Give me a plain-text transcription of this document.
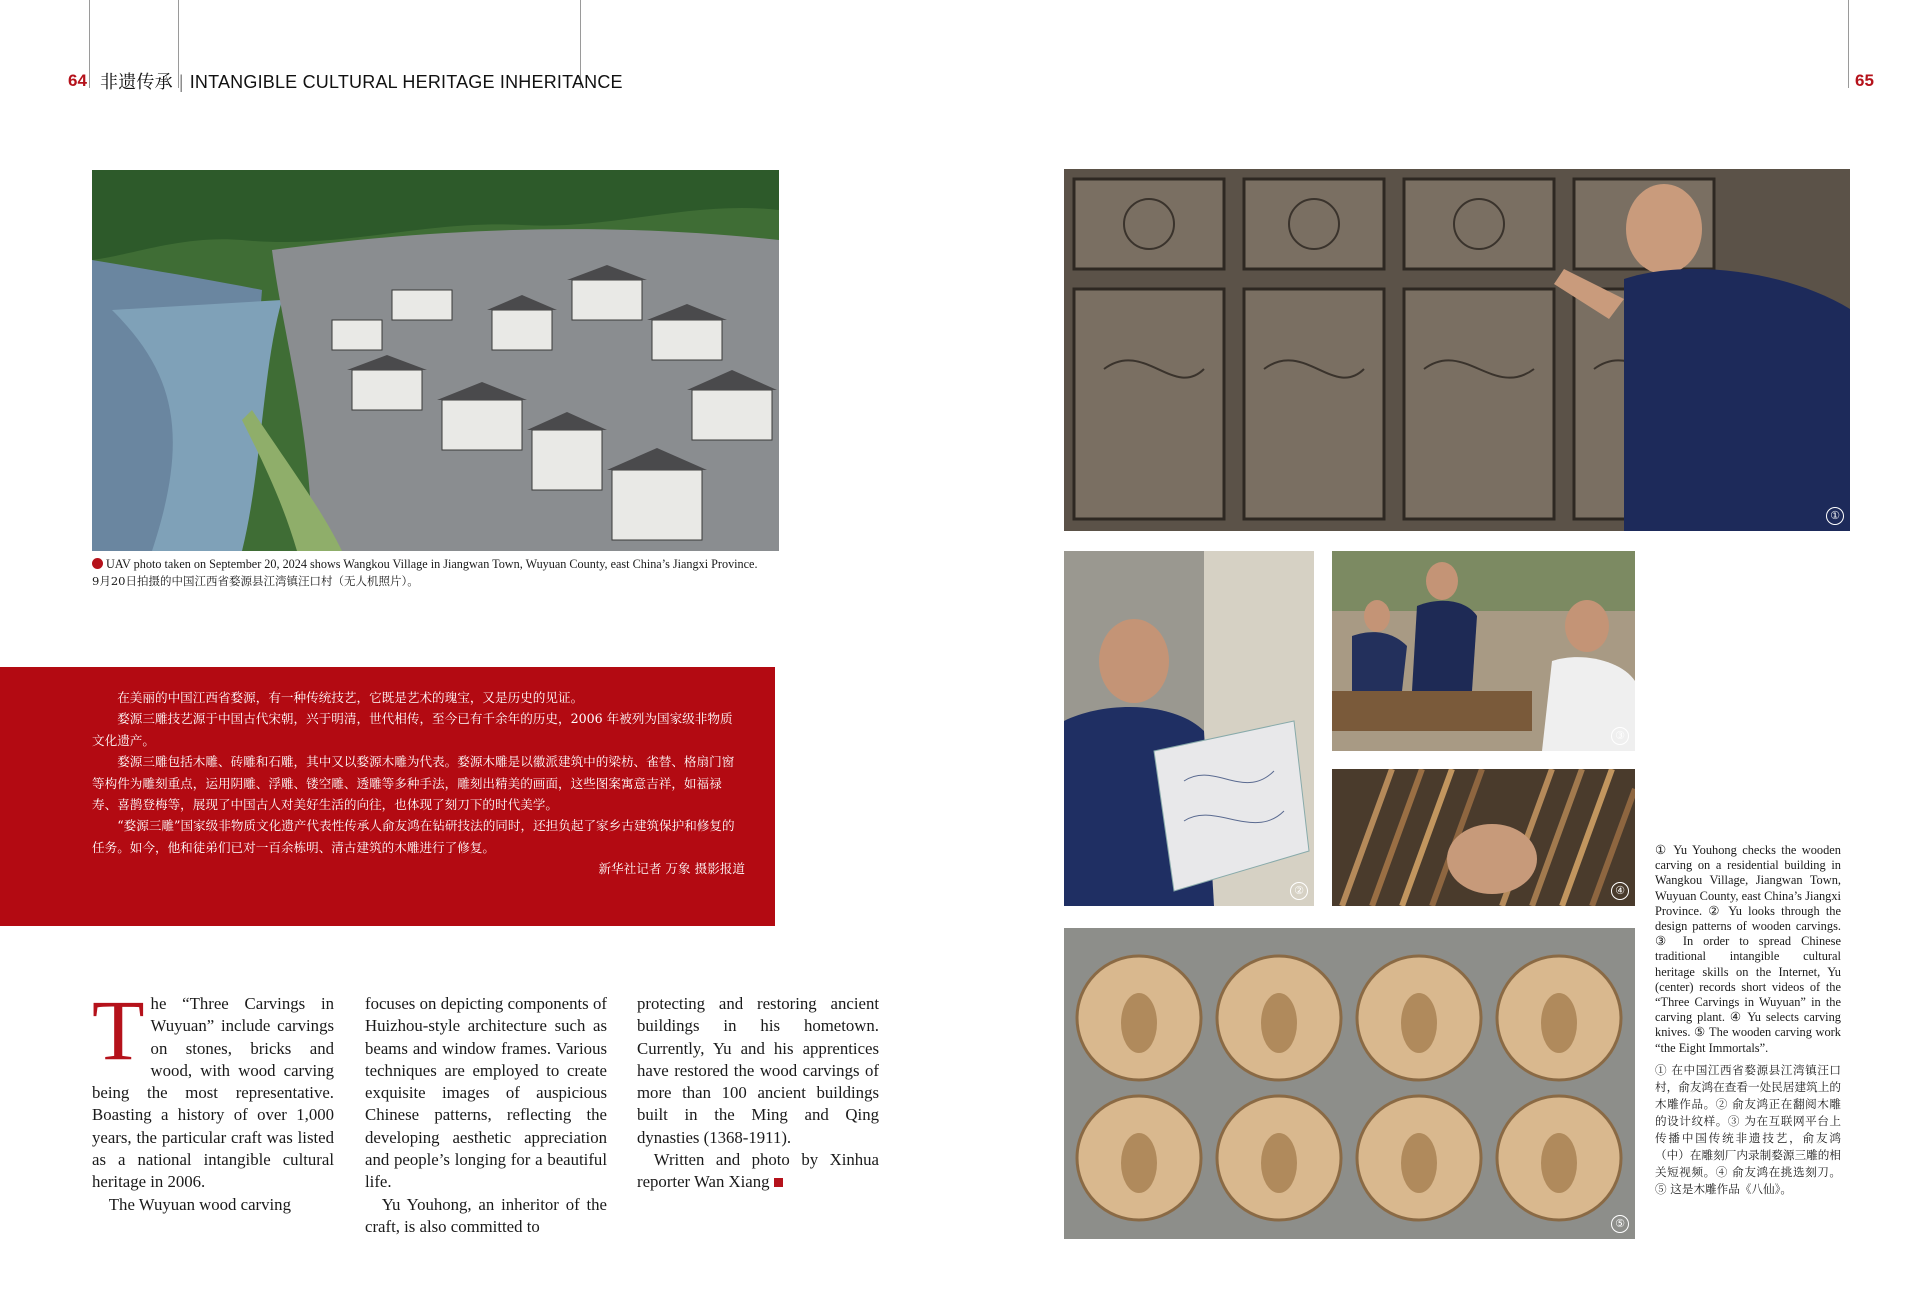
64 非遗传承 | INTANGIBLE CULTURAL HERITAGE INHERITANCE	65
UAV photo taken on September 20, 2024 shows Wangkou Village in Jiangwan Town, Wuyuan County, east China’s Jiangxi Province.
9月20日拍摄的中国江西省婺源县江湾镇汪口村（无人机照片）。

在美丽的中国江西省婺源，有一种传统技艺，它既是艺术的瑰宝，又是历史的见证。

婺源三雕技艺源于中国古代宋朝，兴于明清，世代相传，至今已有千余年的历史，2006 年被列为国家级非物质文化遗产。

婺源三雕包括木雕、砖雕和石雕，其中又以婺源木雕为代表。婺源木雕是以徽派建筑中的梁枋、雀替、格扇门窗等构件为雕刻重点，运用阴雕、浮雕、镂空雕、透雕等多种手法，雕刻出精美的画面，这些图案寓意吉祥，如福禄寿、喜鹊登梅等，展现了中国古人对美好生活的向往，也体现了刻刀下的时代美学。

“婺源三雕”国家级非物质文化遗产代表性传承人俞友鸿在钻研技法的同时，还担负起了家乡古建筑保护和修复的任务。如今，他和徒弟们已对一百余栋明、清古建筑的木雕进行了修复。

新华社记者 万象 摄影报道

The “Three Carvings in Wuyuan” include carvings on stones, bricks and wood, with wood carving being the most representative. Boasting a history of over 1,000 years, the particular craft was listed as a national intangible cultural heritage in 2006.

The Wuyuan wood carving

focuses on depicting components of Huizhou-style architecture such as beams and window frames. Various techniques are employed to create exquisite images of auspicious Chinese patterns, reflecting the developing aesthetic appreciation and people’s longing for a beautiful life.

Yu Youhong, an inheritor of the craft, is also committed to

protecting and restoring ancient buildings in his hometown. Currently, Yu and his apprentices have restored the wood carvings of more than 100 ancient buildings built in the Ming and Qing dynasties (1368-1911).

Written and photo by Xinhua reporter Wan Xiang

①
②
③
④
⑤
① Yu Youhong checks the wooden carving on a residential building in Wangkou Village, Jiangwan Town, Wuyuan County, east China’s Jiangxi Province. ② Yu looks through the design patterns of wooden carvings. ③ In order to spread Chinese traditional intangible cultural heritage skills on the Internet, Yu (center) records short videos of the “Three Carvings in Wuyuan” in the carving plant. ④ Yu selects carving knives. ⑤ The wooden carving work “the Eight Immortals”.
① 在中国江西省婺源县江湾镇汪口村，俞友鸿在查看一处民居建筑上的木雕作品。② 俞友鸿正在翻阅木雕的设计纹样。③ 为在互联网平台上传播中国传统非遗技艺，俞友鸿（中）在雕刻厂内录制婺源三雕的相关短视频。④ 俞友鸿在挑选刻刀。⑤ 这是木雕作品《八仙》。
